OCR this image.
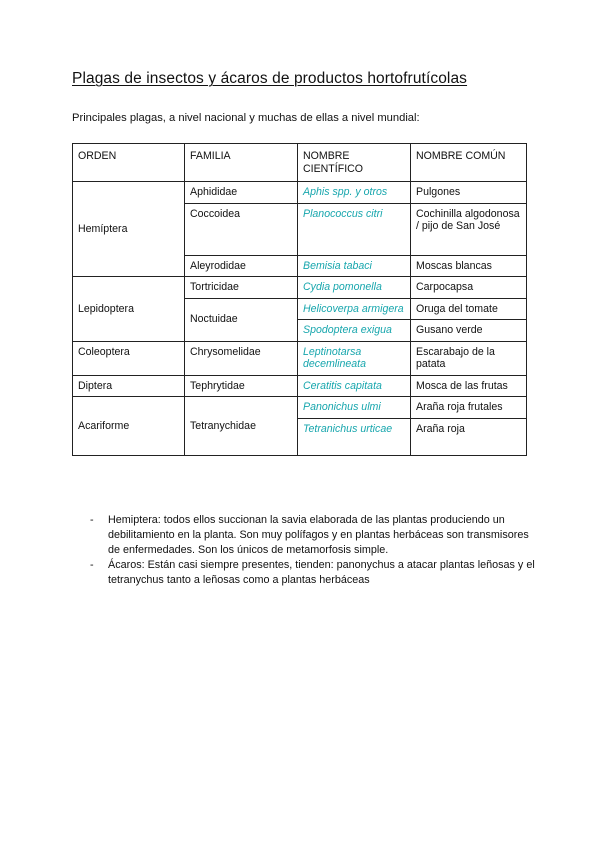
Plagas de insectos y ácaros de productos hortofrutícolas
Principales plagas, a nivel nacional y muchas de ellas a nivel mundial:
ORDEN	FAMILIA	NOMBRE CIENTÍFICO	NOMBRE COMÚN
Hemíptera	Aphididae	Aphis spp. y otros	Pulgones
	Coccoidea	Planococcus citri	Cochinilla algodonosa / pijo de San José
	Aleyrodidae	Bemisia tabaci	Moscas blancas
Lepidoptera	Tortricidae	Cydia pomonella	Carpocapsa
	Noctuidae	Helicoverpa armigera	Oruga del tomate
		Spodoptera exigua	Gusano verde
Coleoptera	Chrysomelidae	Leptinotarsa decemlineata	Escarabajo de la patata
Diptera	Tephrytidae	Ceratitis capitata	Mosca de las frutas
Acariforme	Tetranychidae	Panonichus ulmi	Araña roja frutales
		Tetranichus urticae	Araña roja
- Hemiptera: todos ellos succionan la savia elaborada de las plantas produciendo un debilitamiento en la planta. Son muy polífagos y en plantas herbáceas son transmisores de enfermedades. Son los únicos de metamorfosis simple.
- Ácaros: Están casi siempre presentes, tienden: panonychus a atacar plantas leñosas y el tetranychus tanto a leñosas como a plantas herbáceas
